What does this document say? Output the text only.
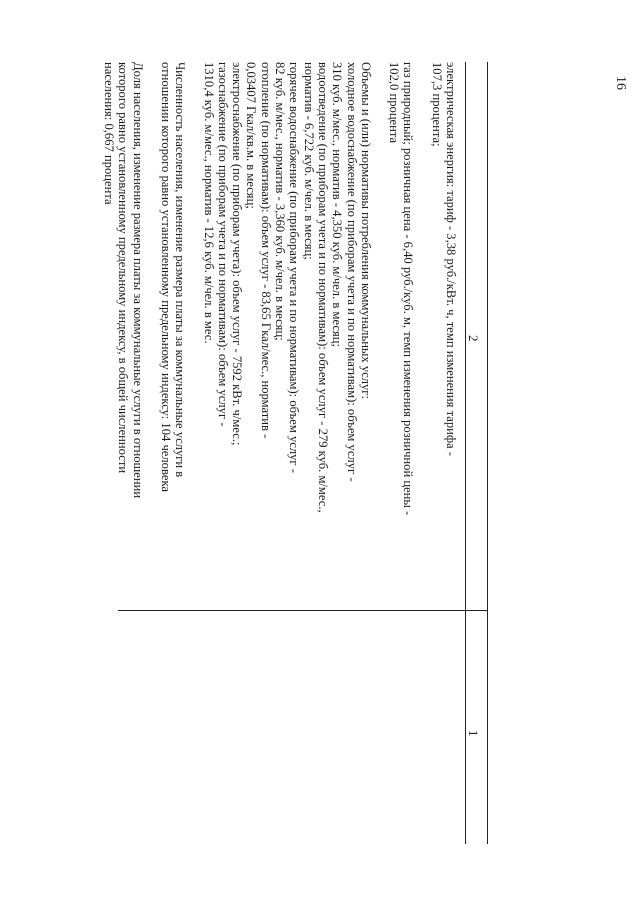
16
1
2
электрическая энергия: тариф - 3,38 руб./кВт. ч, темп изменения тарифа -
107,3 процента;
газ природный; розничная цена - 6,40 руб./куб. м, темп изменения розничной цены -
102,0 процента
Объемы и (или) нормативы потребления коммунальных услуг:
холодное водоснабжение (по приборам учета и по нормативам): объем услуг -
310 куб. м/мес., норматив - 4,350 куб. м/чел. в месяц;
водоотведение (по приборам учета и по нормативам): объем услуг - 279 куб. м/мес.,
норматив - 6,722 куб. м/чел. в месяц;
горячее водоснабжение (по приборам учета и по нормативам): объем услуг -
82 куб. м/мес., норматив - 3,360 куб. м/чел. в месяц;
отопление (по нормативам): объем услуг - 83,65 Гкал/мес., норматив -
0,03407 Гкал/кв.м. в месяц;
электроснабжение (по приборам учета): объем услуг - 7592 кВт. ч/мес.;
газоснабжение (по приборам учета и по нормативам): объем услуг -
1310,4 куб. м/мес., норматив - 12,6 куб. м/чел. в мес.
Численность населения, изменение размера платы за коммунальные услуги в
отношении которого равно установленному предельному индексу: 104 человека
Доля населения, изменение размера платы за коммунальные услуги в отношении
которого равно установленному предельному индексу, в общей численности
населения: 0,667 процента
